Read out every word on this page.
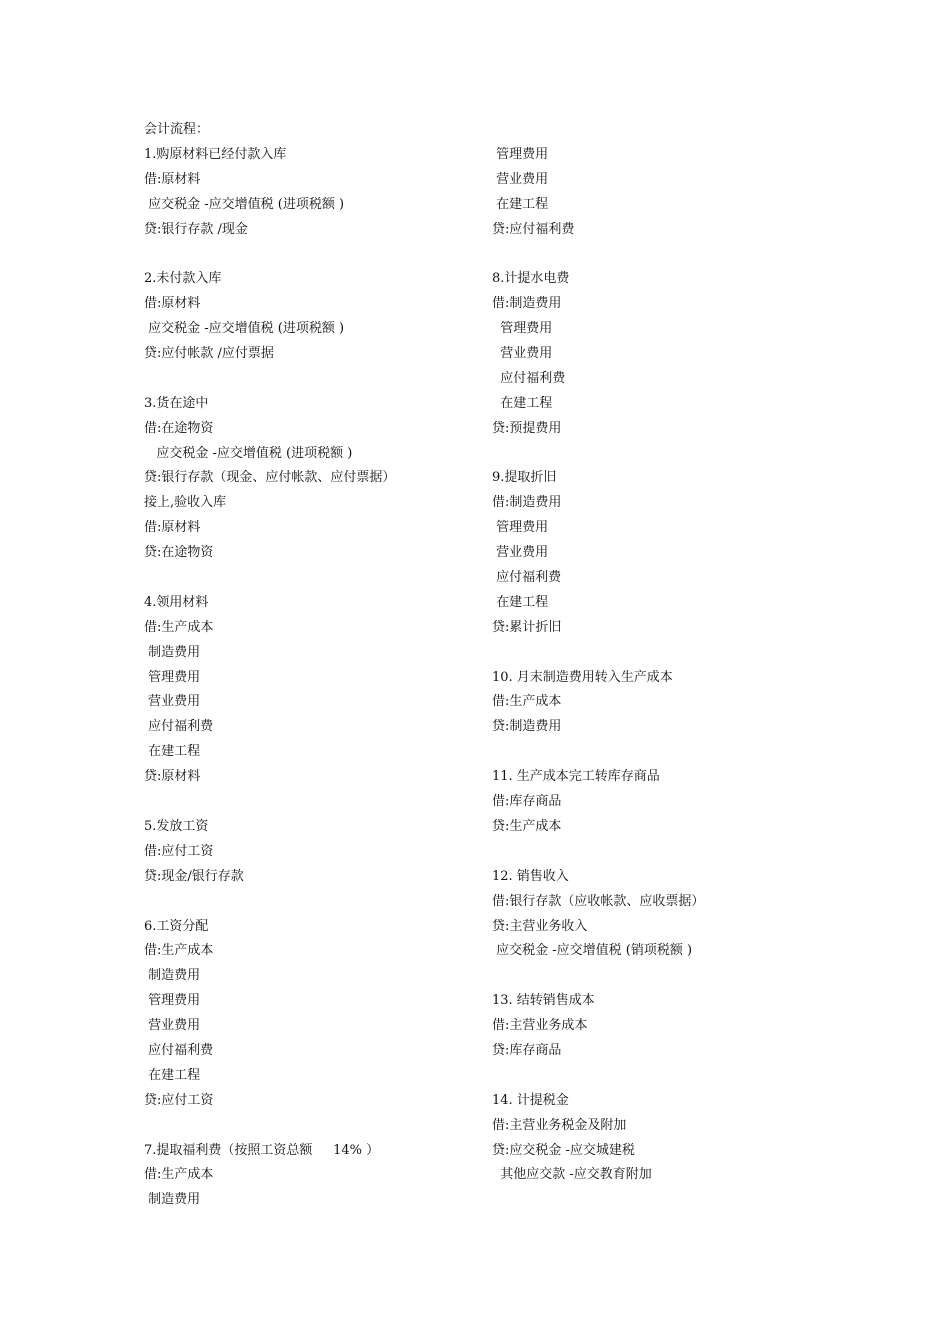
会计流程：
1.购原材料已经付款入库
借:原材料
应交税金 -应交增值税 (进项税额 )
贷:银行存款 /现金
2.未付款入库
借:原材料
应交税金 -应交增值税 (进项税额 )
贷:应付帐款 /应付票据
3.货在途中
借:在途物资
应交税金 -应交增值税 (进项税额 )
贷:银行存款（现金、应付帐款、应付票据）
接上,验收入库
借:原材料
贷:在途物资
4.领用材料
借:生产成本
制造费用
管理费用
营业费用
应付福利费
在建工程
贷:原材料
5.发放工资
借:应付工资
贷:现金/银行存款
6.工资分配
借:生产成本
制造费用
管理费用
营业费用
应付福利费
在建工程
贷:应付工资
7.提取福利费（按照工资总额     14% ）
借:生产成本
制造费用
管理费用
营业费用
在建工程
贷:应付福利费
8.计提水电费
借:制造费用
管理费用
营业费用
应付福利费
在建工程
贷:预提费用
9.提取折旧
借:制造费用
管理费用
营业费用
应付福利费
在建工程
贷:累计折旧
10. 月末制造费用转入生产成本
借:生产成本
贷:制造费用
11. 生产成本完工转库存商品
借:库存商品
贷:生产成本
12. 销售收入
借:银行存款（应收帐款、应收票据）
贷:主营业务收入
应交税金 -应交增值税 (销项税额 )
13. 结转销售成本
借:主营业务成本
贷:库存商品
14. 计提税金
借:主营业务税金及附加
贷:应交税金 -应交城建税
其他应交款 -应交教育附加
